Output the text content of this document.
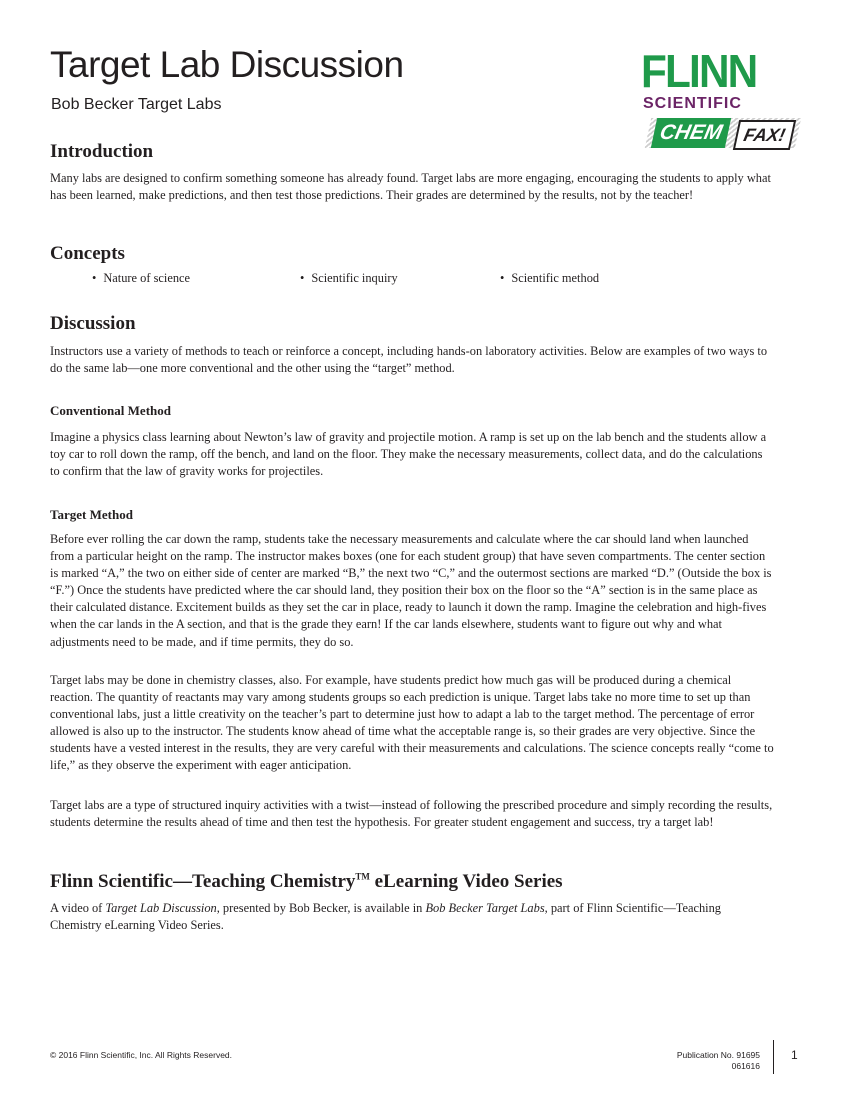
Target Lab Discussion
Bob Becker Target Labs
FLINN
SCIENTIFIC
CHEM FAX!
Introduction

Many labs are designed to confirm something someone has already found. Target labs are more engaging, encouraging the students to apply what has been learned, make predictions, and then test those predictions. Their grades are determined by the results, not by the teacher!

Concepts
• Nature of science	• Scientific inquiry	• Scientific method
Discussion

Instructors use a variety of methods to teach or reinforce a concept, including hands-on laboratory activities. Below are examples of two ways to do the same lab—one more conventional and the other using the “target” method.

Conventional Method

Imagine a physics class learning about Newton’s law of gravity and projectile motion. A ramp is set up on the lab bench and the students allow a toy car to roll down the ramp, off the bench, and land on the floor. They make the necessary measurements, collect data, and do the calculations to confirm that the law of gravity works for projectiles.

Target Method

Before ever rolling the car down the ramp, students take the necessary measurements and calculate where the car should land when launched from a particular height on the ramp. The instructor makes boxes (one for each student group) that have seven compartments. The center section is marked “A,” the two on either side of center are marked “B,” the next two “C,” and the outermost sections are marked “D.” (Outside the box is “F.”) Once the students have predicted where the car should land, they position their box on the floor so the “A” section is in the same place as their calculated distance. Excitement builds as they set the car in place, ready to launch it down the ramp. Imagine the celebration and high-fives when the car lands in the A section, and that is the grade they earn! If the car lands elsewhere, students want to figure out why and what adjustments need to be made, and if time permits, they do so.

Target labs may be done in chemistry classes, also. For example, have students predict how much gas will be produced during a chemical reaction. The quantity of reactants may vary among students groups so each prediction is unique. Target labs take no more time to set up than conventional labs, just a little creativity on the teacher’s part to determine just how to adapt a lab to the target method. The percentage of error allowed is also up to the instructor. The students know ahead of time what the acceptable range is, so their grades are very objective. Since the students have a vested interest in the results, they are very careful with their measurements and calculations. The science concepts really “come to life,” as they observe the experiment with eager anticipation.

Target labs are a type of structured inquiry activities with a twist—instead of following the prescribed procedure and simply recording the results, students determine the results ahead of time and then test the hypothesis. For greater student engagement and success, try a target lab!

Flinn Scientific—Teaching Chemistry™ eLearning Video Series

A video of Target Lab Discussion, presented by Bob Becker, is available in Bob Becker Target Labs, part of Flinn Scientific—Teaching Chemistry eLearning Video Series.

© 2016 Flinn Scientific, Inc. All Rights Reserved.	Publication No. 91695
061616
1
